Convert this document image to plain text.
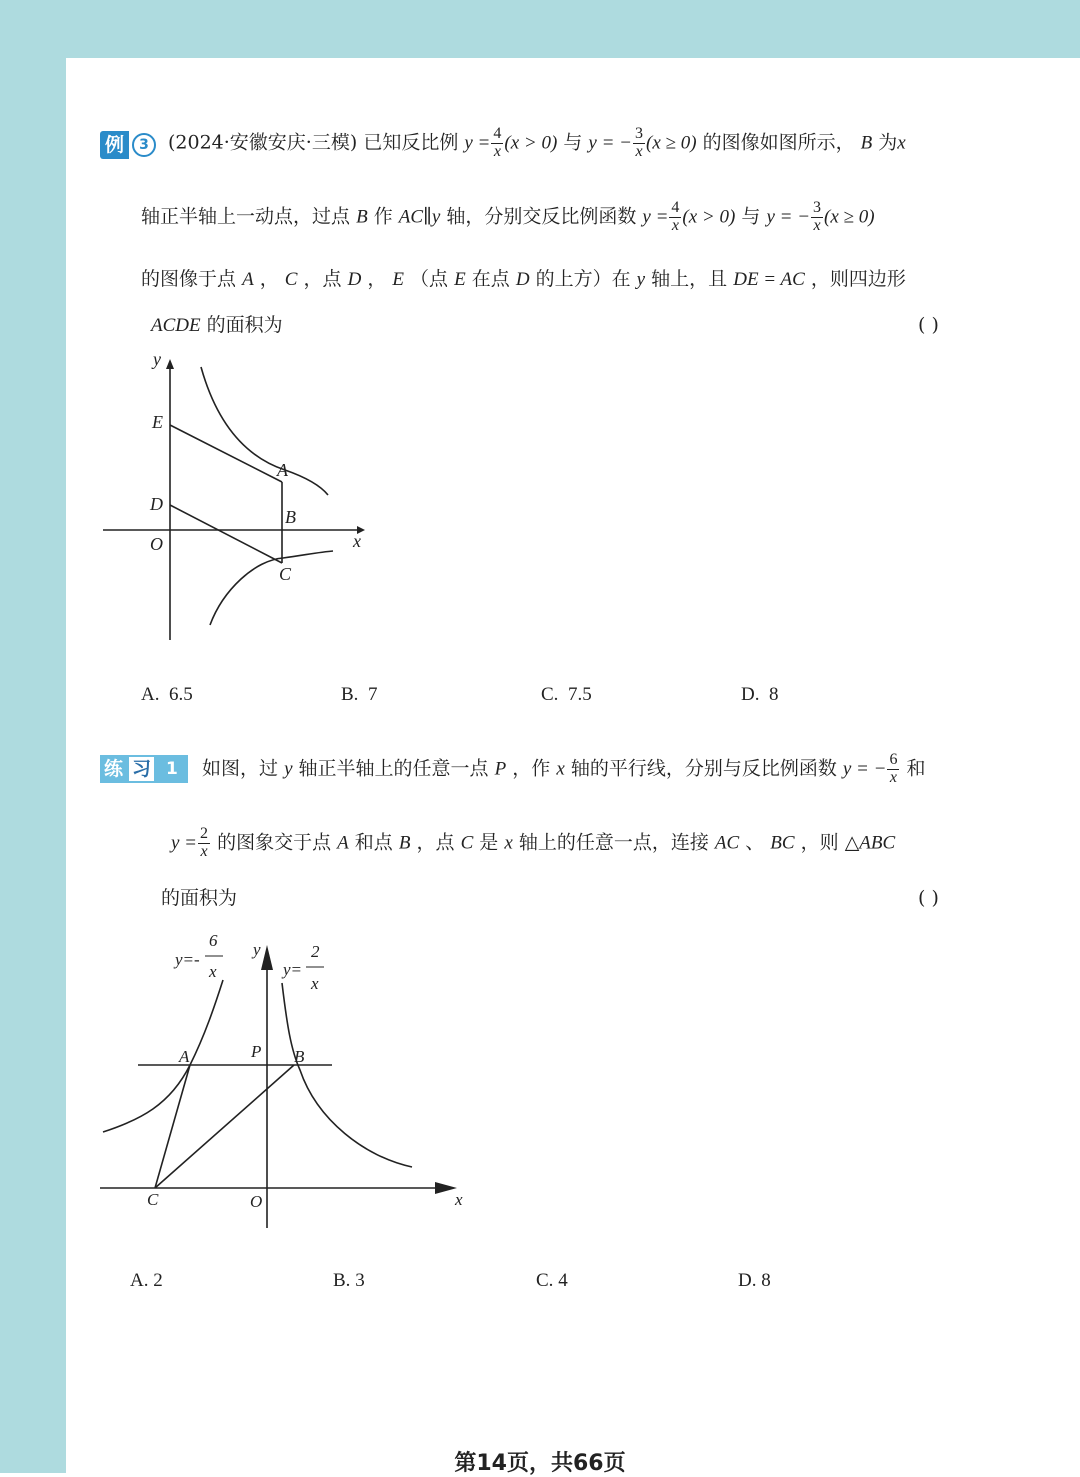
例	3	(2024·安徽安庆·三模) 已知反比例 $y = \frac{4}{x} (x > 0)$ 与 y = − $\frac{3}{x} (x \ge 0)$ 的图像如图所示， B 为x
轴正半轴上一动点，过点 B 作 AC∥y 轴，分别交反比例函数 $y = \frac{4}{x} (x > 0)$ 与 y = − $\frac{3}{x} (x \ge 0)$
的图像于点 A ， C ，点 D ， E （点 E 在点 D 的上方）在 y 轴上，且 DE = AC ，则四边形
ACDE 的面积为	( )
y
x
E
A
D
B
O
C
A. 6.5	B. 7	C. 7.5	D. 8
练 习 1	如图，过 y 轴正半轴上的任意一点 P ，作 x 轴的平行线，分别与反比例函数 y = − $\frac{6}{x}$ 和
$y = \frac{2}{x}$ 的图象交于点 A 和点 B ，点 C 是 x 轴上的任意一点，连接 AC 、 BC ，则 △ABC
的面积为	( )
y=-
6
x
y
y=
2
x
A	P B
C	O	x
A. 2	B. 3	C. 4	D. 8
第14页，共66页
